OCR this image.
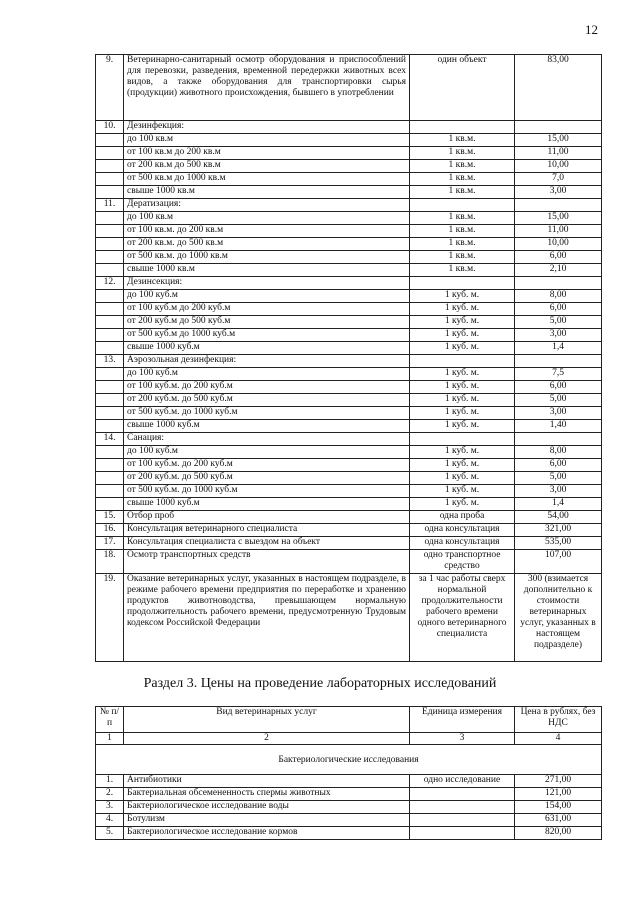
12
9.	Ветеринарно-санитарный осмотр оборудования и приспособлений для перевозки, разведения, временной передержки животных всех видов, а также оборудования для транспортировки сырья (продукции) животного происхождения, бывшего в употреблении	один объект	83,00
10.	Дезинфекция:		
	до 100 кв.м	1 кв.м.	15,00
	от 100 кв.м до 200 кв.м	1 кв.м.	11,00
	от 200 кв.м до 500 кв.м	1 кв.м.	10,00
	от 500 кв.м до 1000 кв.м	1 кв.м.	7,0
	свыше 1000 кв.м	1 кв.м.	3,00
11.	Дератизация:		
	до 100 кв.м	1 кв.м.	15,00
	от 100 кв.м. до 200 кв.м	1 кв.м.	11,00
	от 200 кв.м. до 500 кв.м	1 кв.м.	10,00
	от 500 кв.м. до 1000 кв.м	1 кв.м.	6,00
	свыше 1000 кв.м	1 кв.м.	2,10
12.	Дезинсекция:		
	до 100 куб.м	1 куб. м.	8,00
	от 100 куб.м до 200 куб.м	1 куб. м.	6,00
	от 200 куб.м до 500 куб.м	1 куб. м.	5,00
	от 500 куб.м до 1000 куб.м	1 куб. м.	3,00
	свыше 1000 куб.м	1 куб. м.	1,4
13.	Аэрозольная дезинфекция:		
	до 100 куб.м	1 куб. м.	7,5
	от 100 куб.м. до 200 куб.м	1 куб. м.	6,00
	от 200 куб.м. до 500 куб.м	1 куб. м.	5,00
	от 500 куб.м. до 1000 куб.м	1 куб. м.	3,00
	свыше 1000 куб.м	1 куб. м.	1,40
14.	Санация:		
	до 100 куб.м	1 куб. м.	8,00
	от 100 куб.м. до 200 куб.м	1 куб. м.	6,00
	от 200 куб.м. до 500 куб.м	1 куб. м.	5,00
	от 500 куб.м. до 1000 куб.м	1 куб. м.	3,00
	свыше 1000 куб.м	1 куб. м.	1,4
15.	Отбор проб	одна проба	54,00
16.	Консультация ветеринарного специалиста	одна консультация	321,00
17.	Консультация специалиста с выездом на объект	одна консультация	535,00
18.	Осмотр транспортных средств	одно транспортное средство	107,00
19.	Оказание ветеринарных услуг, указанных в настоящем подразделе, в режиме рабочего времени предприятия по переработке и хранению продуктов животноводства, превышающем нормальную продолжительность рабочего времени, предусмотренную Трудовым кодексом Российской Федерации	за 1 час работы сверх нормальной продолжительности рабочего времени одного ветеринарного специалиста	300 (взимается дополнительно к стоимости ветеринарных услуг, указанных в настоящем подразделе)
Раздел 3. Цены на проведение лабораторных исследований
№ п/п	Вид ветеринарных услуг	Единица измерения	Цена в рублях, без НДС
1	2	3	4
Бактериологические исследования			
1.	Антибиотики	одно исследование	271,00
2.	Бактериальная обсемененность спермы животных		121,00
3.	Бактериологическое исследование воды		154,00
4.	Ботулизм		631,00
5.	Бактериологическое исследование кормов		820,00
